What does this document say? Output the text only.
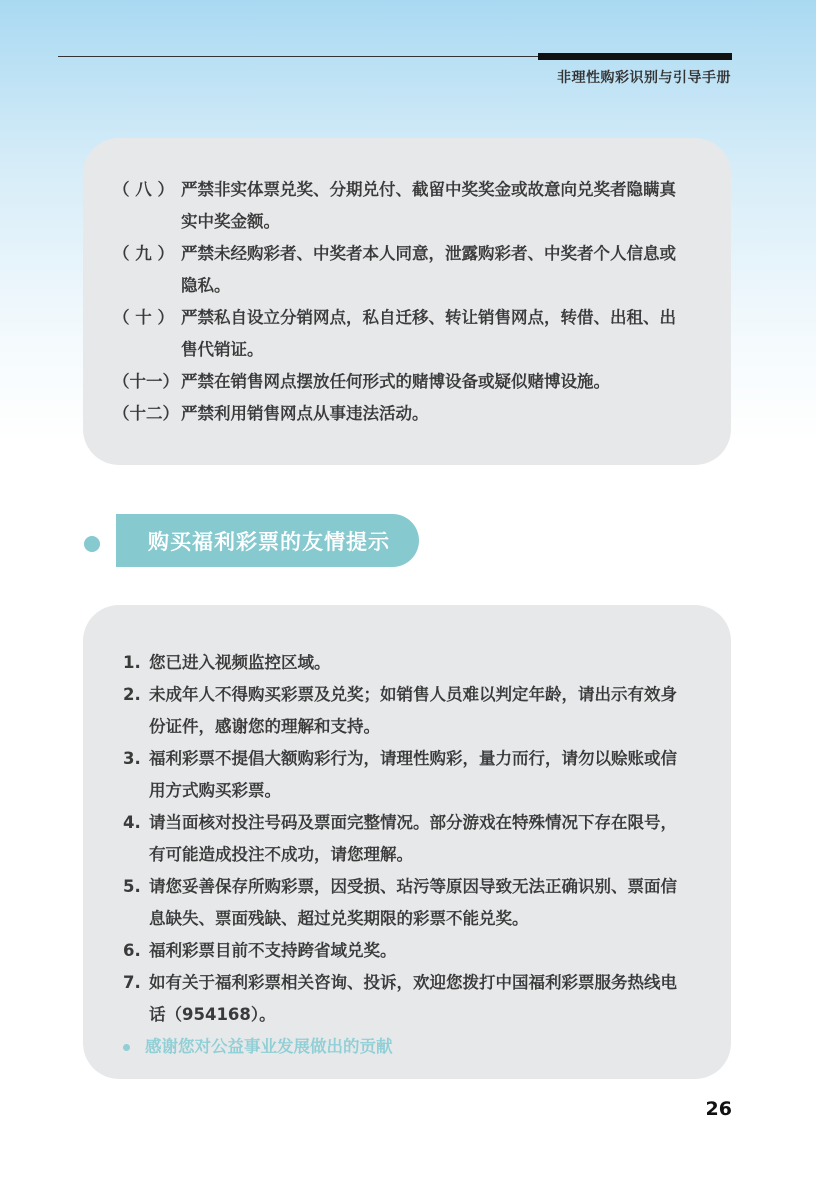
非理性购彩识别与引导手册
（ 八 ） 严禁非实体票兑奖、分期兑付、截留中奖奖金或故意向兑奖者隐瞒真实中奖金额。
（ 九 ） 严禁未经购彩者、中奖者本人同意，泄露购彩者、中奖者个人信息或隐私。
（ 十 ） 严禁私自设立分销网点，私自迁移、转让销售网点，转借、出租、出售代销证。
（十一） 严禁在销售网点摆放任何形式的赌博设备或疑似赌博设施。
（十二） 严禁利用销售网点从事违法活动。
购买福利彩票的友情提示
1. 您已进入视频监控区域。
2. 未成年人不得购买彩票及兑奖；如销售人员难以判定年龄，请出示有效身份证件，感谢您的理解和支持。
3. 福利彩票不提倡大额购彩行为，请理性购彩，量力而行，请勿以赊账或信用方式购买彩票。
4. 请当面核对投注号码及票面完整情况。部分游戏在特殊情况下存在限号，有可能造成投注不成功，请您理解。
5. 请您妥善保存所购彩票，因受损、玷污等原因导致无法正确识别、票面信息缺失、票面残缺、超过兑奖期限的彩票不能兑奖。
6. 福利彩票目前不支持跨省域兑奖。
7. 如有关于福利彩票相关咨询、投诉，欢迎您拨打中国福利彩票服务热线电话（954168）。
感谢您对公益事业发展做出的贡献
26
